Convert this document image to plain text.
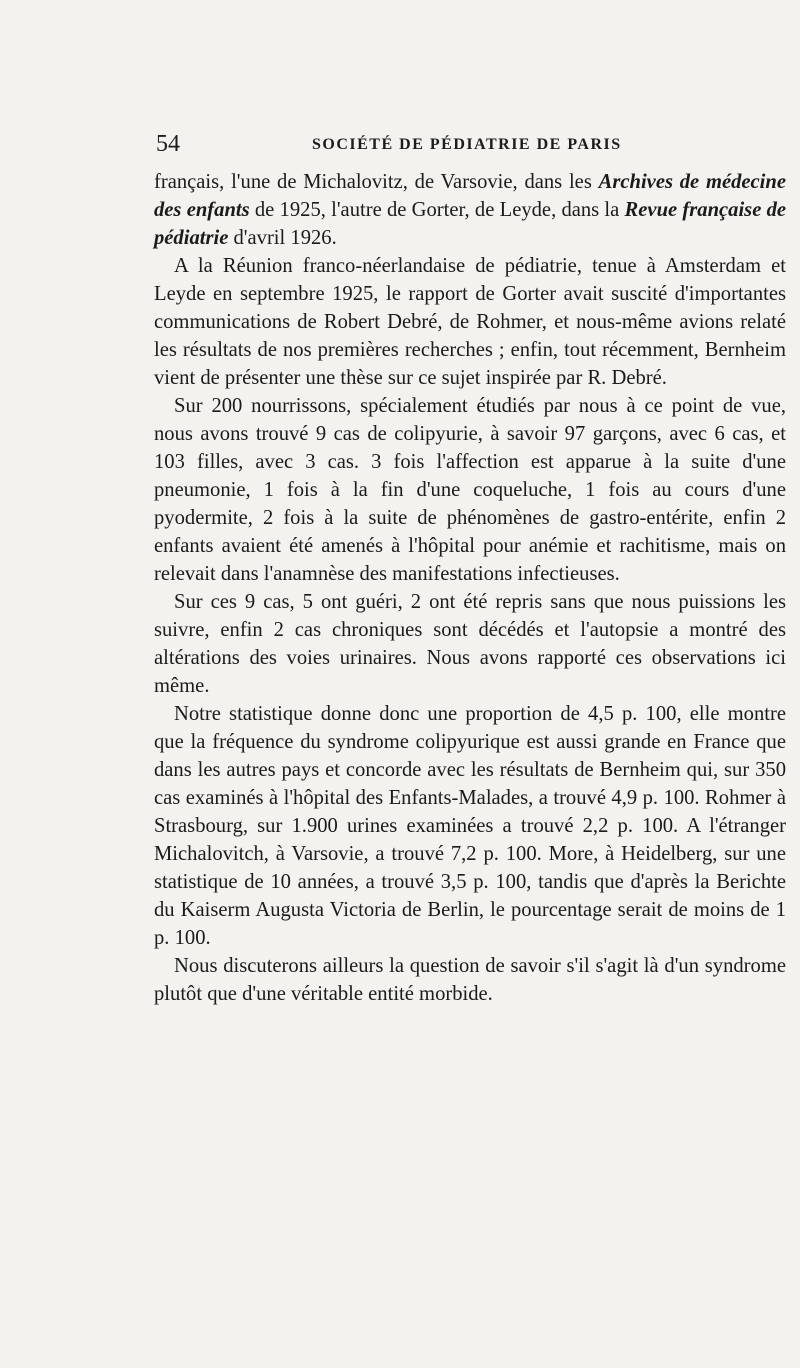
54	SOCIÉTÉ DE PÉDIATRIE DE PARIS

français, l'une de Michalovitz, de Varsovie, dans les Archives de médecine des enfants de 1925, l'autre de Gorter, de Leyde, dans la Revue française de pédiatrie d'avril 1926.

A la Réunion franco-néerlandaise de pédiatrie, tenue à Amsterdam et Leyde en septembre 1925, le rapport de Gorter avait suscité d'importantes communications de Robert Debré, de Rohmer, et nous-même avions relaté les résultats de nos premières recherches ; enfin, tout récemment, Bernheim vient de présenter une thèse sur ce sujet inspirée par R. Debré.

Sur 200 nourrissons, spécialement étudiés par nous à ce point de vue, nous avons trouvé 9 cas de colipyurie, à savoir 97 garçons, avec 6 cas, et 103 filles, avec 3 cas. 3 fois l'affection est apparue à la suite d'une pneumonie, 1 fois à la fin d'une coqueluche, 1 fois au cours d'une pyodermite, 2 fois à la suite de phénomènes de gastro-entérite, enfin 2 enfants avaient été amenés à l'hôpital pour anémie et rachitisme, mais on relevait dans l'anamnèse des manifestations infectieuses.

Sur ces 9 cas, 5 ont guéri, 2 ont été repris sans que nous puissions les suivre, enfin 2 cas chroniques sont décédés et l'autopsie a montré des altérations des voies urinaires. Nous avons rapporté ces observations ici même.

Notre statistique donne donc une proportion de 4,5 p. 100, elle montre que la fréquence du syndrome colipyurique est aussi grande en France que dans les autres pays et concorde avec les résultats de Bernheim qui, sur 350 cas examinés à l'hôpital des Enfants-Malades, a trouvé 4,9 p. 100. Rohmer à Strasbourg, sur 1.900 urines examinées a trouvé 2,2 p. 100. A l'étranger Michalovitch, à Varsovie, a trouvé 7,2 p. 100. More, à Heidelberg, sur une statistique de 10 années, a trouvé 3,5 p. 100, tandis que d'après la Berichte du Kaiserm Augusta Victoria de Berlin, le pourcentage serait de moins de 1 p. 100.

Nous discuterons ailleurs la question de savoir s'il s'agit là d'un syndrome plutôt que d'une véritable entité morbide.
